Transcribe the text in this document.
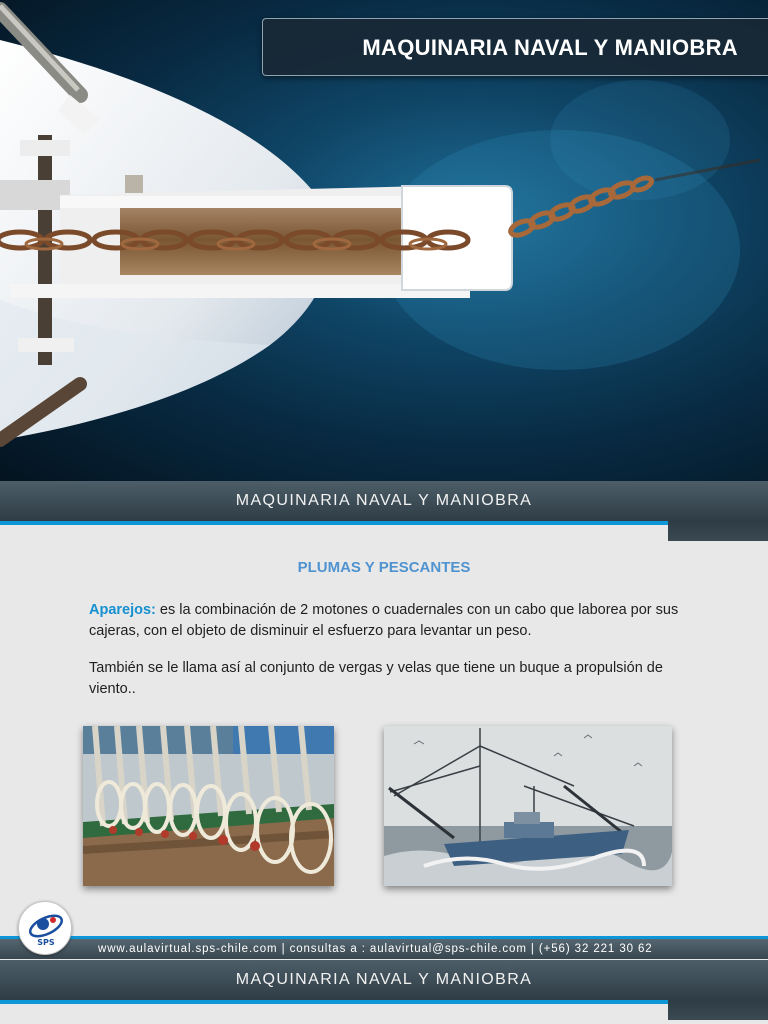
MAQUINARIA NAVAL Y MANIOBRA
MAQUINARIA NAVAL Y MANIOBRA
PLUMAS Y PESCANTES

Aparejos: es la combinación de 2 motones o cuadernales con un cabo que laborea por sus cajeras, con el objeto de disminuir el esfuerzo para levantar un peso.

También se le llama así al conjunto de vergas y velas que tiene un buque a propulsión de viento..

www.aulavirtual.sps-chile.com | consultas a : aulavirtual@sps-chile.com | (+56) 32 221 30 62
SPS
MAQUINARIA NAVAL Y MANIOBRA
